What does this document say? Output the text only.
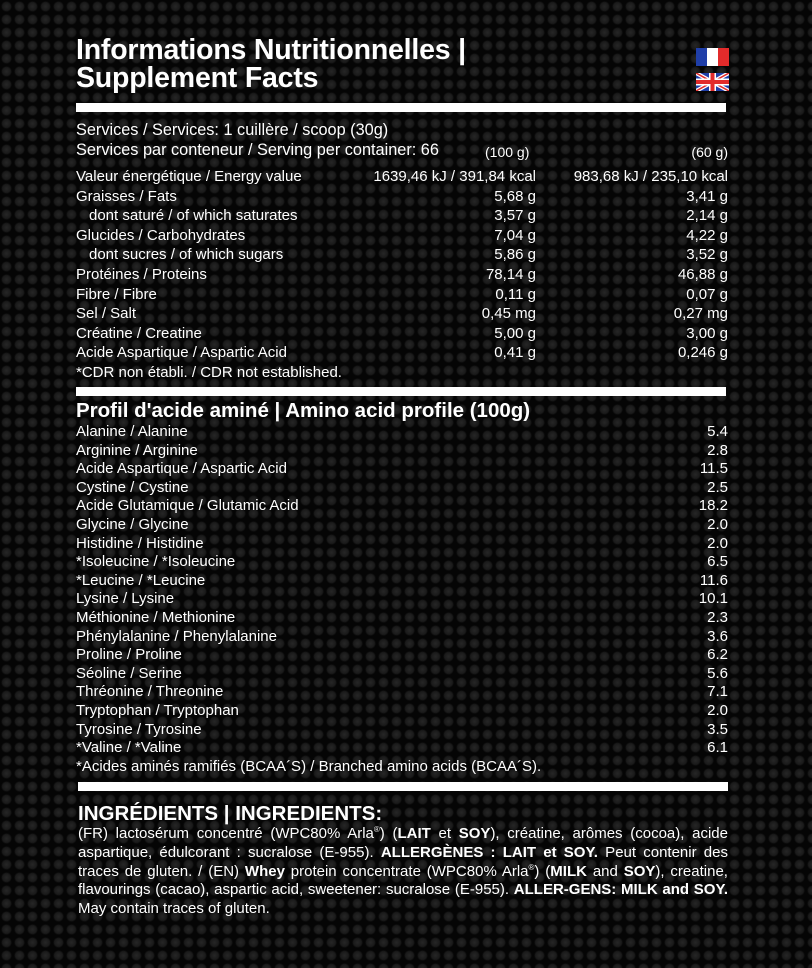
Informations Nutritionnelles |
Supplement Facts
Services / Services: 1 cuillère / scoop (30g)
Services par conteneur / Serving per container: 66	(100 g)	(60 g)
Valeur énergétique / Energy value	1639,46 kJ / 391,84 kcal	983,68 kJ / 235,10 kcal
Graisses / Fats	5,68 g	3,41 g
dont saturé / of which saturates	3,57 g	2,14 g
Glucides / Carbohydrates	7,04 g	4,22 g
dont sucres / of which sugars	5,86 g	3,52 g
Protéines / Proteins	78,14 g	46,88 g
Fibre / Fibre	0,11 g	0,07 g
Sel / Salt	0,45 mg	0,27 mg
Créatine / Creatine	5,00 g	3,00 g
Acide Aspartique / Aspartic Acid	0,41 g	0,246 g
*CDR non établi. / CDR not established.
Profil d'acide aminé | Amino acid profile (100g)
Alanine / Alanine	5.4
Arginine / Arginine	2.8
Acide Aspartique / Aspartic Acid	11.5
Cystine / Cystine	2.5
Acide Glutamique / Glutamic Acid	18.2
Glycine / Glycine	2.0
Histidine / Histidine	2.0
*Isoleucine / *Isoleucine	6.5
*Leucine / *Leucine	11.6
Lysine / Lysine	10.1
Méthionine / Methionine	2.3
Phénylalanine / Phenylalanine	3.6
Proline / Proline	6.2
Séoline / Serine	5.6
Thréonine / Threonine	7.1
Tryptophan / Tryptophan	2.0
Tyrosine / Tyrosine	3.5
*Valine / *Valine	6.1
*Acides aminés ramifiés (BCAA´S) / Branched amino acids (BCAA´S).
INGRÉDIENTS | INGREDIENTS:
(FR) lactosérum concentré (WPC80% Arla®) (LAIT et SOY), créatine, arômes (cocoa), acide aspartique, édulcorant : sucralose (E-955). ALLERGÈNES : LAIT et SOY. Peut contenir des traces de gluten. / (EN) Whey protein concentrate (WPC80% Arla®) (MILK and SOY), creatine, flavourings (cacao), aspartic acid, sweetener: sucralose (E-955). ALLER-GENS: MILK and SOY. May contain traces of gluten.
